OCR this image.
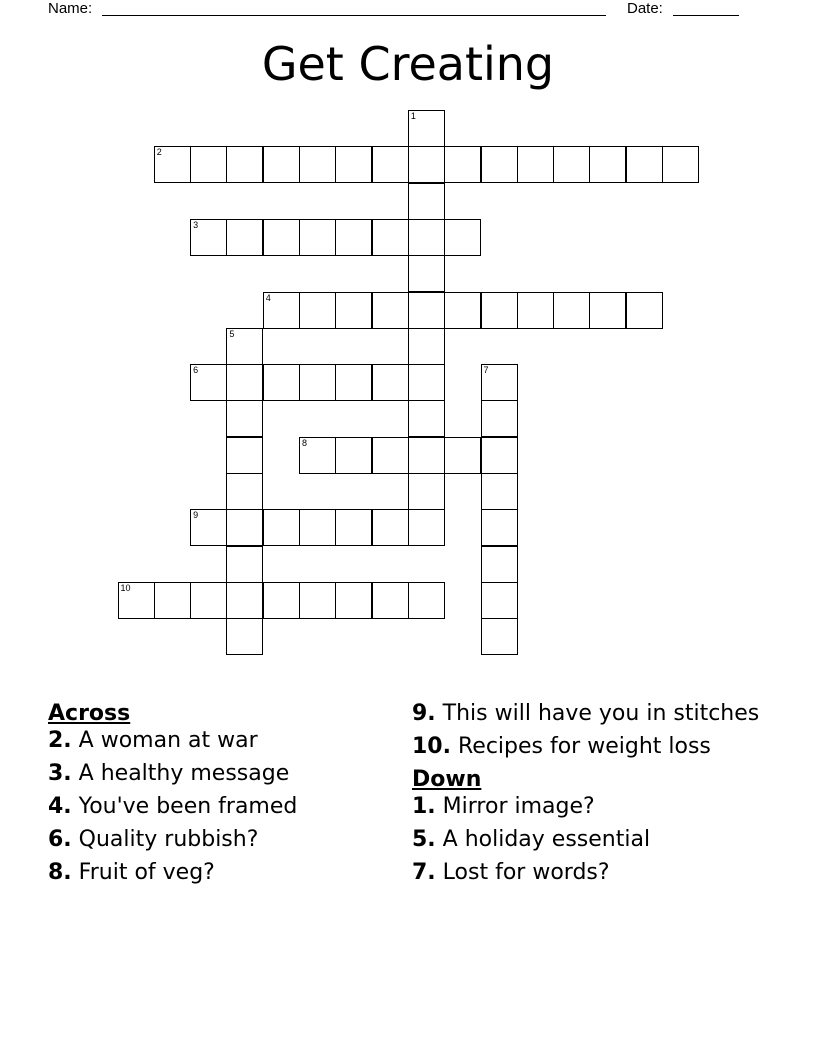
Name:	Date:
Get Creating
1
2
3
4
5
6	7
8
9
10
Across
2. A woman at war
3. A healthy message
4. You've been framed
6. Quality rubbish?
8. Fruit of veg?
9. This will have you in stitches
10. Recipes for weight loss
Down
1. Mirror image?
5. A holiday essential
7. Lost for words?
